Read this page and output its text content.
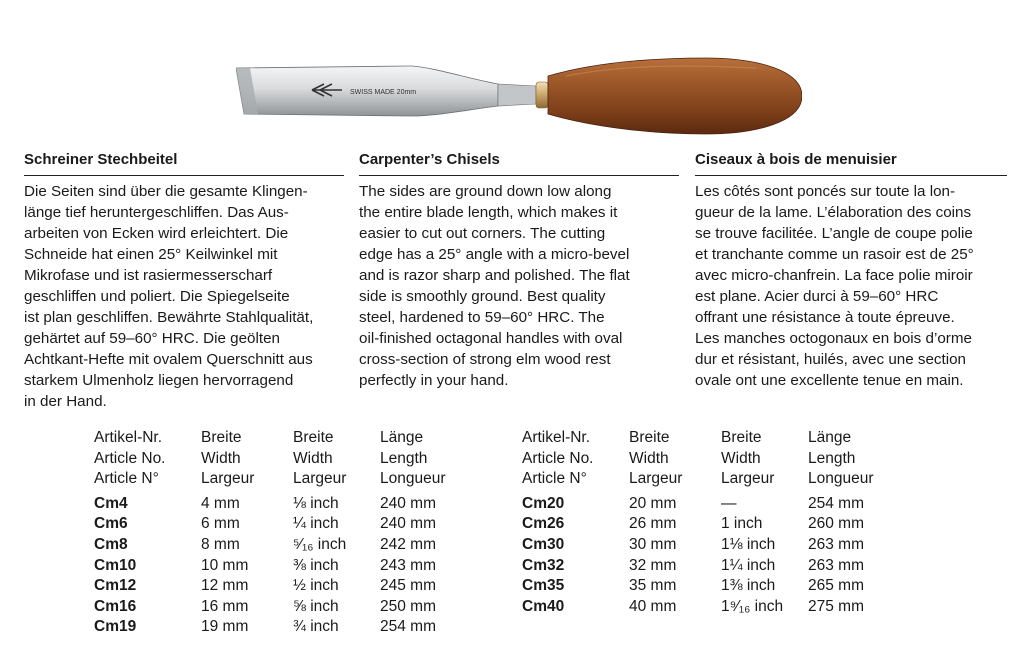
SWISS MADE 20mm
Schreiner Stechbeitel

Die Seiten sind über die gesamte Klingen-
länge tief heruntergeschliffen. Das Aus-
arbeiten von Ecken wird erleichtert. Die
Schneide hat einen 25° Keilwinkel mit
Mikrofase und ist rasiermesserscharf
geschliffen und poliert. Die Spiegelseite
ist plan geschliffen. Bewährte Stahlqualität,
gehärtet auf 59–60° HRC. Die geölten
Achtkant-Hefte mit ovalem Querschnitt aus
starkem Ulmenholz liegen hervorragend
in der Hand.

Carpenter’s Chisels

The sides are ground down low along
the entire blade length, which makes it
easier to cut out corners. The cutting
edge has a 25° angle with a micro-bevel
and is razor sharp and polished. The flat
side is smoothly ground. Best quality
steel, hardened to 59–60° HRC. The
oil-finished octagonal handles with oval
cross-section of strong elm wood rest
perfectly in your hand.

Ciseaux à bois de menuisier

Les côtés sont poncés sur toute la lon-
gueur de la lame. L’élaboration des coins
se trouve facilitée. L’angle de coupe polie
et tranchante comme un rasoir est de 25°
avec micro-chanfrein. La face polie miroir
est plane. Acier durci à 59–60° HRC
offrant une résistance à toute épreuve.
Les manches octogonaux en bois d’orme
dur et résistant, huilés, avec une section
ovale ont une excellente tenue en main.

Artikel-Nr.	Breite	Breite	Länge
Article No.	Width	Width	Length
Article N°	Largeur	Largeur	Longueur
Cm4	4 mm	⅛ inch	240 mm
Cm6	6 mm	¼ inch	240 mm
Cm8	8 mm	⁵⁄₁₆ inch	242 mm
Cm10	10 mm	⅜ inch	243 mm
Cm12	12 mm	½ inch	245 mm
Cm16	16 mm	⅝ inch	250 mm
Cm19	19 mm	¾ inch	254 mm
Artikel-Nr.	Breite	Breite	Länge
Article No.	Width	Width	Length
Article N°	Largeur	Largeur	Longueur
Cm20	20 mm	—	254 mm
Cm26	26 mm	1 inch	260 mm
Cm30	30 mm	1⅛ inch	263 mm
Cm32	32 mm	1¼ inch	263 mm
Cm35	35 mm	1⅜ inch	265 mm
Cm40	40 mm	1⁹⁄₁₆ inch	275 mm
